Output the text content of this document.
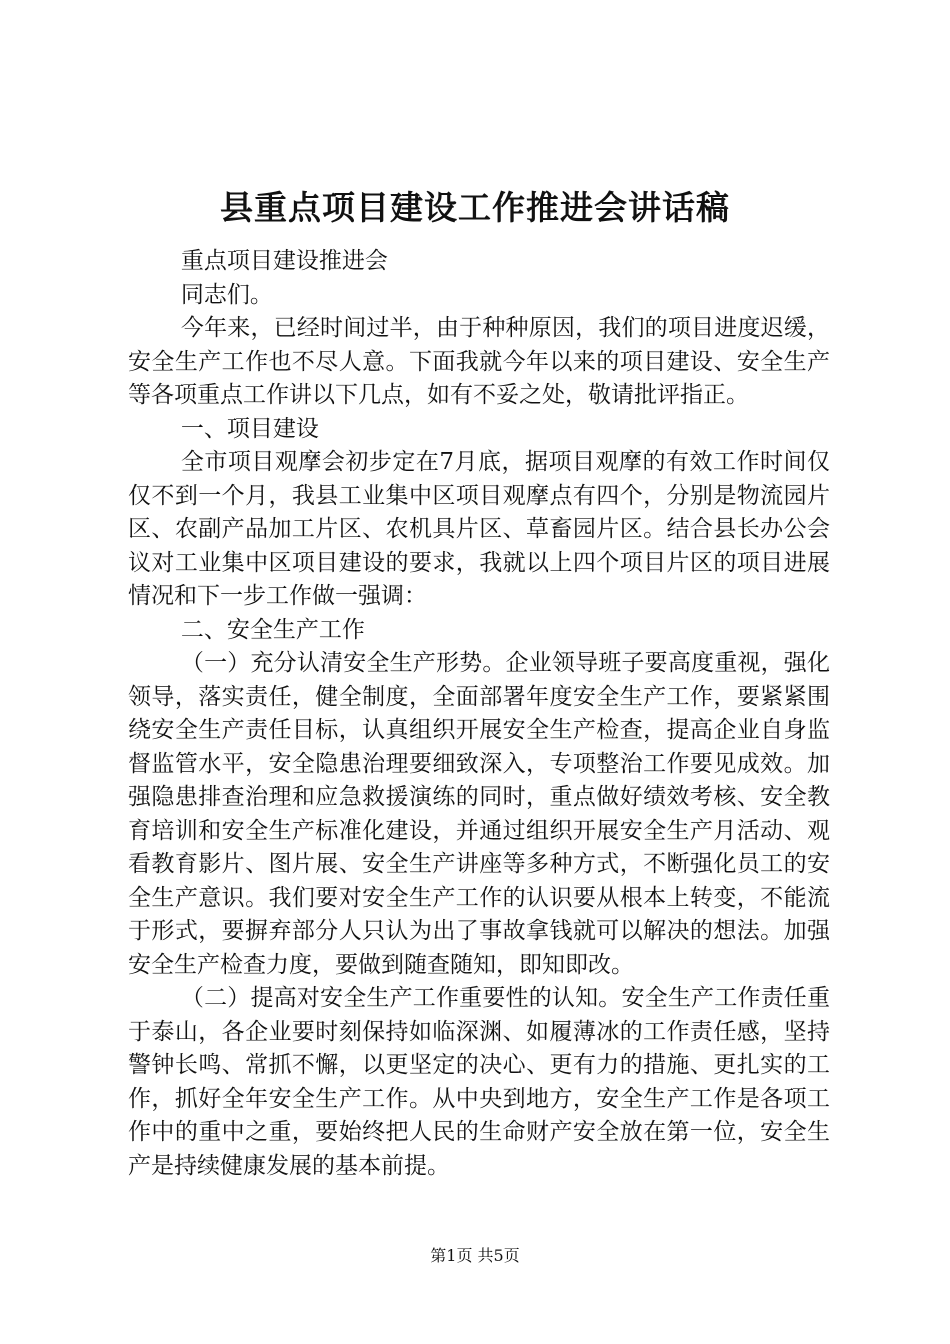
县重点项目建设工作推进会讲话稿

重点项目建设推进会

同志们。

今年来，已经时间过半，由于种种原因，我们的项目进度迟缓，安全生产工作也不尽人意。下面我就今年以来的项目建设、安全生产等各项重点工作讲以下几点，如有不妥之处，敬请批评指正。

一、项目建设

全市项目观摩会初步定在7月底，据项目观摩的有效工作时间仅仅不到一个月，我县工业集中区项目观摩点有四个，分别是物流园片区、农副产品加工片区、农机具片区、草畜园片区。结合县长办公会议对工业集中区项目建设的要求，我就以上四个项目片区的项目进展情况和下一步工作做一强调：

二、安全生产工作

（一）充分认清安全生产形势。企业领导班子要高度重视，强化领导，落实责任，健全制度，全面部署年度安全生产工作，要紧紧围绕安全生产责任目标，认真组织开展安全生产检查，提高企业自身监督监管水平，安全隐患治理要细致深入，专项整治工作要见成效。加强隐患排查治理和应急救援演练的同时，重点做好绩效考核、安全教育培训和安全生产标准化建设，并通过组织开展安全生产月活动、观看教育影片、图片展、安全生产讲座等多种方式，不断强化员工的安全生产意识。我们要对安全生产工作的认识要从根本上转变，不能流于形式，要摒弃部分人只认为出了事故拿钱就可以解决的想法。加强安全生产检查力度，要做到随查随知，即知即改。

（二）提高对安全生产工作重要性的认知。安全生产工作责任重于泰山，各企业要时刻保持如临深渊、如履薄冰的工作责任感，坚持警钟长鸣、常抓不懈，以更坚定的决心、更有力的措施、更扎实的工作，抓好全年安全生产工作。从中央到地方，安全生产工作是各项工作中的重中之重，要始终把人民的生命财产安全放在第一位，安全生产是持续健康发展的基本前提。

第1页 共5页
